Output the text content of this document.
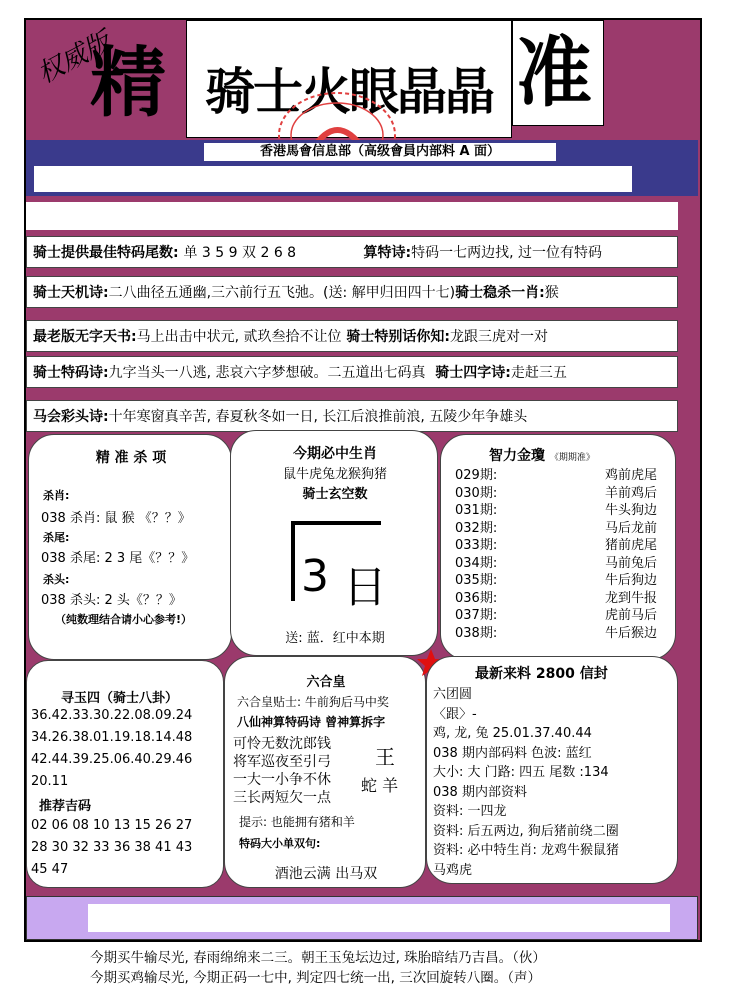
权威版
精 骑士火眼晶晶 准
香港馬會信息部（高级會員内部料 A 面）
骑士提供最佳特码尾数:
单 3 5 9 双 2 6 8	算特诗: 特码一七两边找, 过一位有特码
骑士天机诗: 二八曲径五通幽,三六前行五飞弛。(送: 解甲归田四十七) 骑士稳杀一肖: 猴
最老版无字天书: 马上出击中状元, 贰玖叁拾不让位
骑士特别话你知: 龙跟三虎对一对
骑士特码诗: 九字当头一八逃, 悲哀六字梦想破。二五道出七码真
骑士四字诗: 走赶三五
马会彩头诗: 十年寒窗真辛苦, 春夏秋冬如一日, 长江后浪推前浪, 五陵少年争雄头
精 准 杀 项
杀肖:
038 杀肖: 鼠 猴 《？？》
杀尾:
038 杀尾: 2 3 尾《？？》
杀头:
038 杀头: 2 头《？？》
（纯数理结合请小心参考!）
今期必中生肖
鼠牛虎兔龙猴狗猪
骑士玄空数
3 日
送: 蓝．红中本期
智力金瓊 《期期准》
029期:	鸡前虎尾
030期:	羊前鸡后
031期:	牛头狗边
032期:	马后龙前
033期:	猪前虎尾
034期:	马前兔后
035期:	牛后狗边
036期:	龙到牛报
037期:	虎前马后
038期:	牛后猴边
寻玉四（骑士八卦）
36.42.33.30.22.08.09.24
34.26.38.01.19.18.14.48
42.44.39.25.06.40.29.46
20.11
推荐吉码
02 06 08 10 13 15 26 27
28 30 32 33 36 38 41 43
45 47
六合皇
六合皇贴士: 牛前狗后马中奖
八仙神算特码诗 曾神算拆字
可怜无数沈郎钱
将军巡夜至引弓
一大一小争不休
三长两短欠一点
王
蛇 羊
提示: 也能拥有猪和羊
特码大小单双句:
酒池云满 出马双
最新来料 2800 信封
六团圆
〈跟〉-
鸡, 龙, 兔 25.01.37.40.44
038 期内部码料 色波: 蓝红
大小: 大 门路: 四五 尾数 :134
038 期内部资料
资料: 一四龙
资料: 后五两边, 狗后猪前绕二圈
资料: 必中特生肖: 龙鸡牛猴鼠猪
马鸡虎
今期买牛输尽光, 春雨绵绵来二三。朝王玉兔坛边过, 珠胎暗结乃吉昌。（伙）
今期买鸡输尽光, 今期正码一七中, 判定四七统一出, 三次回旋转八圈。（声）
